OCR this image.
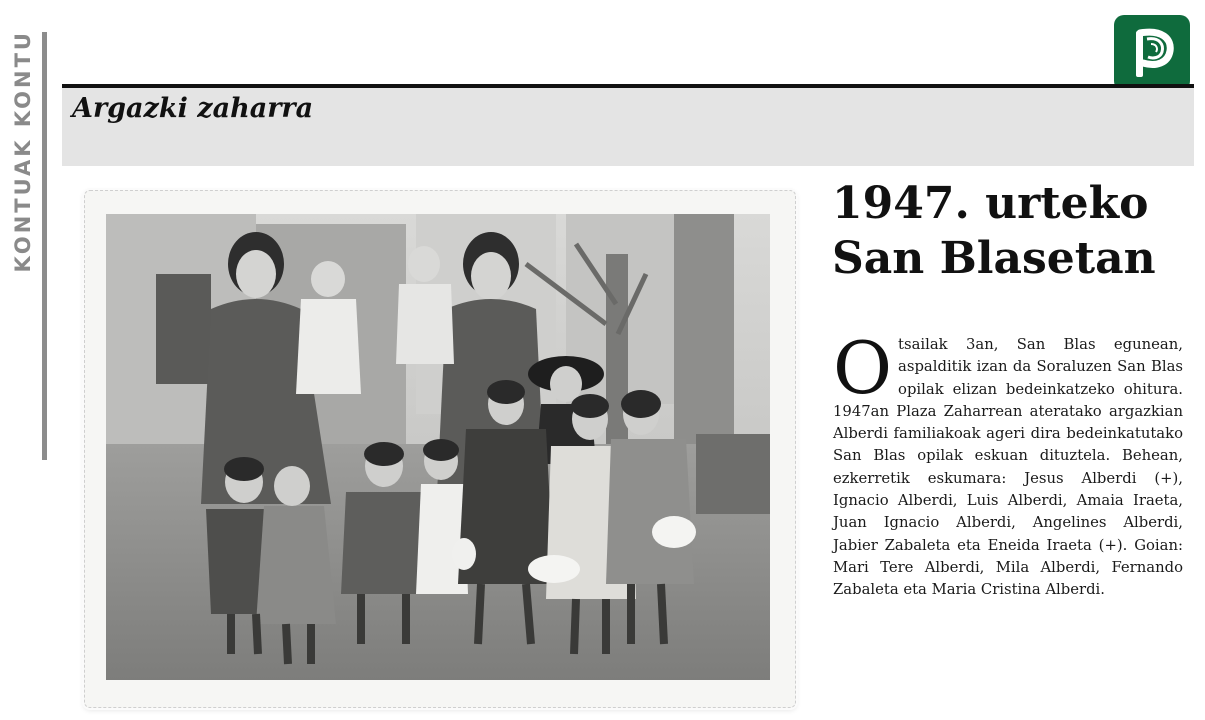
KONTUAK KONTU Argazki zaharra
1947. urteko
San Blasetan

Otsailak 3an, San Blas egunean, aspalditik izan da Soraluzen San Blas opilak elizan bedeinkatzeko ohitura. 1947an Plaza Zaharrean ateratako argazkian Alberdi familiakoak ageri dira bedeinkatutako San Blas opilak eskuan dituztela. Behean, ezkerretik eskumara: Jesus Alberdi (+), Ignacio Alberdi, Luis Alberdi, Amaia Iraeta, Juan Ignacio Alberdi, Angelines Alberdi, Jabier Zabaleta eta Eneida Iraeta (+). Goian: Mari Tere Alberdi, Mila Alberdi, Fernando Zabaleta eta Maria Cristina Alberdi.
